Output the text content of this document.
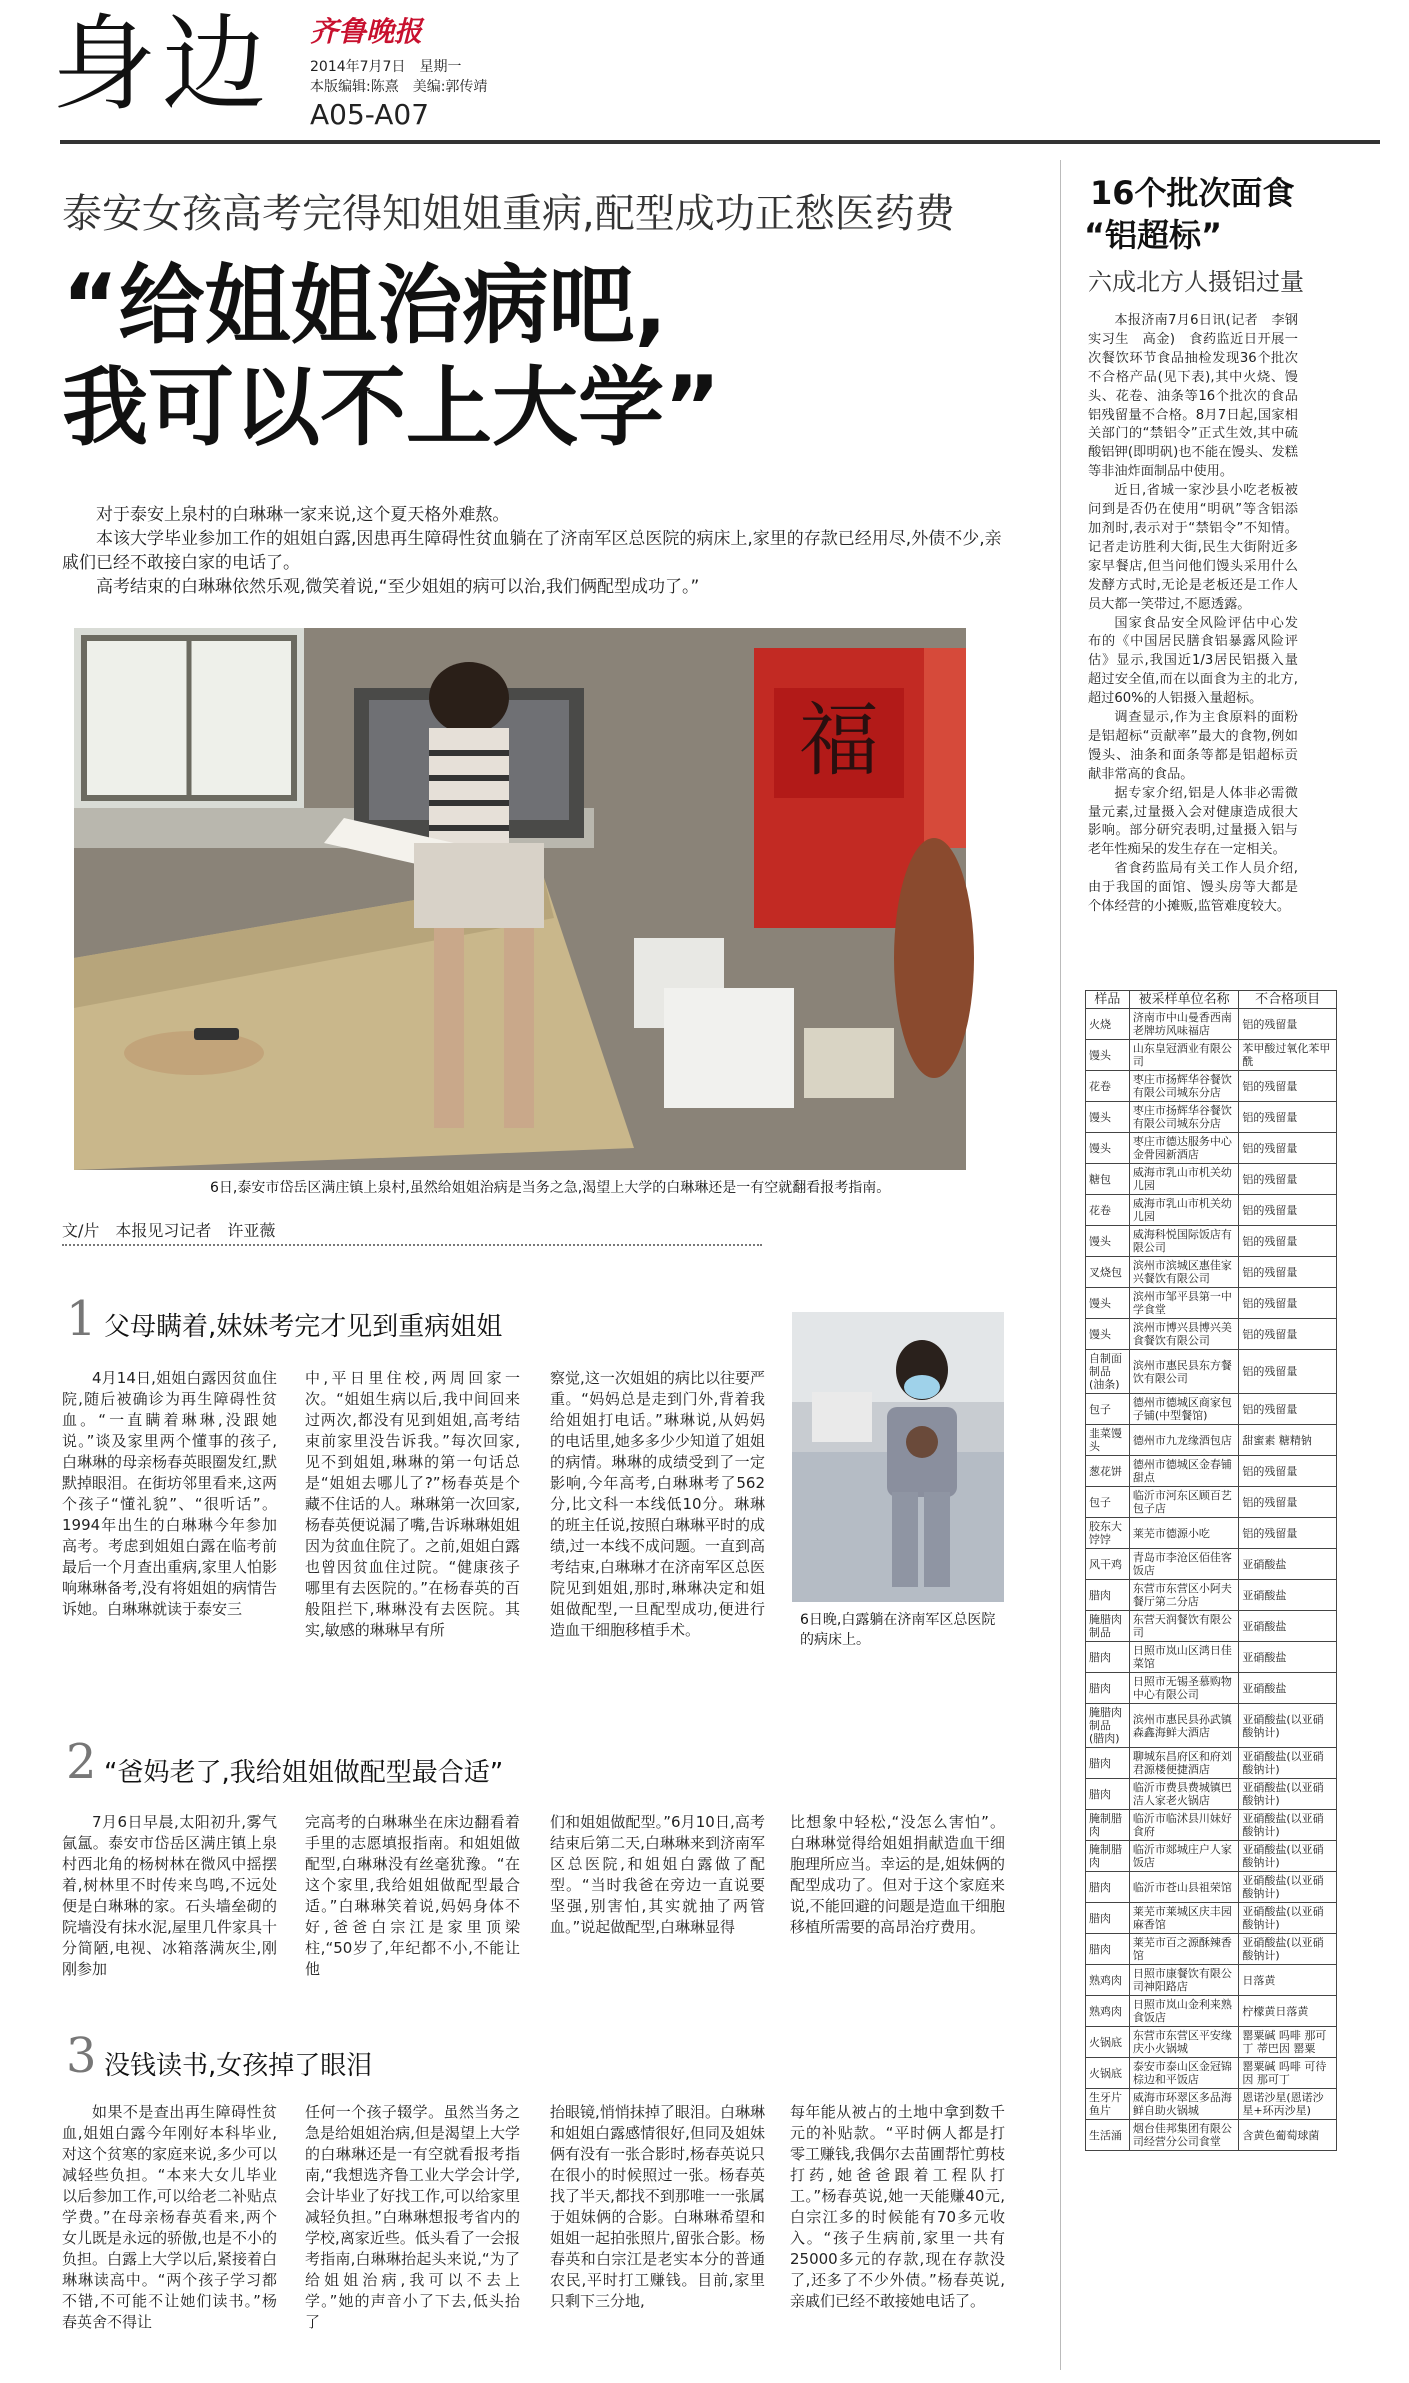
身边 齐鲁晚报
2014年7月7日　星期一
本版编辑:陈熹　美编:郭传靖
A05-A07
泰安女孩高考完得知姐姐重病,配型成功正愁医药费
“给姐姐治病吧,
我可以不上大学”

对于泰安上泉村的白琳琳一家来说,这个夏天格外难熬。

本该大学毕业参加工作的姐姐白露,因患再生障碍性贫血躺在了济南军区总医院的病床上,家里的存款已经用尽,外债不少,亲戚们已经不敢接白家的电话了。

高考结束的白琳琳依然乐观,微笑着说,“至少姐姐的病可以治,我们俩配型成功了。”

福
6日,泰安市岱岳区满庄镇上泉村,虽然给姐姐治病是当务之急,渴望上大学的白琳琳还是一有空就翻看报考指南。
文/片　本报见习记者　许亚薇
1 父母瞒着,妹妹考完才见到重病姐姐
4月14日,姐姐白露因贫血住院,随后被确诊为再生障碍性贫血。“一直瞒着琳琳,没跟她说。”谈及家里两个懂事的孩子,白琳琳的母亲杨春英眼圈发红,默默掉眼泪。在街坊邻里看来,这两个孩子“懂礼貌”、“很听话”。1994年出生的白琳琳今年参加高考。考虑到姐姐白露在临考前最后一个月查出重病,家里人怕影响琳琳备考,没有将姐姐的病情告诉她。白琳琳就读于泰安三
中,平日里住校,两周回家一次。“姐姐生病以后,我中间回来过两次,都没有见到姐姐,高考结束前家里没告诉我。”每次回家,见不到姐姐,琳琳的第一句话总是“姐姐去哪儿了?”杨春英是个藏不住话的人。琳琳第一次回家,杨春英便说漏了嘴,告诉琳琳姐姐因为贫血住院了。之前,姐姐白露也曾因贫血住过院。“健康孩子哪里有去医院的。”在杨春英的百般阻拦下,琳琳没有去医院。其实,敏感的琳琳早有所
察觉,这一次姐姐的病比以往要严重。“妈妈总是走到门外,背着我给姐姐打电话。”琳琳说,从妈妈的电话里,她多多少少知道了姐姐的病情。琳琳的成绩受到了一定影响,今年高考,白琳琳考了562分,比文科一本线低10分。琳琳的班主任说,按照白琳琳平时的成绩,过一本线不成问题。一直到高考结束,白琳琳才在济南军区总医院见到姐姐,那时,琳琳决定和姐姐做配型,一旦配型成功,便进行造血干细胞移植手术。
6日晚,白露躺在济南军区总医院的病床上。
2 “爸妈老了,我给姐姐做配型最合适”
7月6日早晨,太阳初升,雾气氤氲。泰安市岱岳区满庄镇上泉村西北角的杨树林在微风中摇摆着,树林里不时传来鸟鸣,不远处便是白琳琳的家。石头墙垒砌的院墙没有抹水泥,屋里几件家具十分简陋,电视、冰箱落满灰尘,刚刚参加
完高考的白琳琳坐在床边翻看着手里的志愿填报指南。和姐姐做配型,白琳琳没有丝毫犹豫。“在这个家里,我给姐姐做配型最合适。”白琳琳笑着说,妈妈身体不好,爸爸白宗江是家里顶梁柱,“50岁了,年纪都不小,不能让他
们和姐姐做配型。”6月10日,高考结束后第二天,白琳琳来到济南军区总医院,和姐姐白露做了配型。“当时我爸在旁边一直说要坚强,别害怕,其实就抽了两管血。”说起做配型,白琳琳显得
比想象中轻松,“没怎么害怕”。白琳琳觉得给姐姐捐献造血干细胞理所应当。幸运的是,姐妹俩的配型成功了。但对于这个家庭来说,不能回避的问题是造血干细胞移植所需要的高昂治疗费用。
3 没钱读书,女孩掉了眼泪
如果不是查出再生障碍性贫血,姐姐白露今年刚好本科毕业,对这个贫寒的家庭来说,多少可以减轻些负担。“本来大女儿毕业以后参加工作,可以给老二补贴点学费。”在母亲杨春英看来,两个女儿既是永远的骄傲,也是不小的负担。白露上大学以后,紧接着白琳琳读高中。“两个孩子学习都不错,不可能不让她们读书。”杨春英舍不得让
任何一个孩子辍学。虽然当务之急是给姐姐治病,但是渴望上大学的白琳琳还是一有空就看报考指南,“我想选齐鲁工业大学会计学,会计毕业了好找工作,可以给家里减轻负担。”白琳琳想报考省内的学校,离家近些。低头看了一会报考指南,白琳琳抬起头来说,“为了给姐姐治病,我可以不去上学。”她的声音小了下去,低头抬了
抬眼镜,悄悄抹掉了眼泪。白琳琳和姐姐白露感情很好,但同及姐妹俩有没有一张合影时,杨春英说只在很小的时候照过一张。杨春英找了半天,都找不到那唯一一张属于姐妹俩的合影。白琳琳希望和姐姐一起拍张照片,留张合影。杨春英和白宗江是老实本分的普通农民,平时打工赚钱。目前,家里只剩下三分地,
每年能从被占的土地中拿到数千元的补贴款。“平时俩人都是打零工赚钱,我偶尔去苗圃帮忙剪枝打药,她爸爸跟着工程队打工。”杨春英说,她一天能赚40元,白宗江多的时候能有70多元收入。“孩子生病前,家里一共有25000多元的存款,现在存款没了,还多了不少外债。”杨春英说,亲戚们已经不敢接她电话了。
16个批次面食
“铝超标”
六成北方人摄铝过量

本报济南7月6日讯(记者　李钢　实习生　高金)　食药监近日开展一次餐饮环节食品抽检发现36个批次不合格产品(见下表),其中火烧、馒头、花卷、油条等16个批次的食品铝残留量不合格。8月7日起,国家相关部门的“禁铝令”正式生效,其中硫酸铝钾(即明矾)也不能在馒头、发糕等非油炸面制品中使用。

近日,省城一家沙县小吃老板被问到是否仍在使用“明矾”等含铝添加剂时,表示对于“禁铝令”不知情。记者走访胜利大街,民生大街附近多家早餐店,但当问他们馒头采用什么发酵方式时,无论是老板还是工作人员大都一笑带过,不愿透露。

国家食品安全风险评估中心发布的《中国居民膳食铝暴露风险评估》显示,我国近1/3居民铝摄入量超过安全值,而在以面食为主的北方,超过60%的人铝摄入量超标。

调查显示,作为主食原料的面粉是铝超标“贡献率”最大的食物,例如馒头、油条和面条等都是铝超标贡献非常高的食品。

据专家介绍,铝是人体非必需微量元素,过量摄入会对健康造成很大影响。部分研究表明,过量摄入铝与老年性痴呆的发生存在一定相关。

省食药监局有关工作人员介绍,由于我国的面馆、馒头房等大都是个体经营的小摊贩,监管难度较大。

样品	被采样单位名称	不合格项目
火烧	济南市中山曼香西南老牌坊风味福店	铝的残留量
馒头	山东皇冠酒业有限公司	苯甲酸过氧化苯甲酰
花卷	枣庄市扬辉华谷餐饮有限公司城东分店	铝的残留量
馒头	枣庄市扬辉华谷餐饮有限公司城东分店	铝的残留量
馒头	枣庄市德达服务中心金骨园新酒店	铝的残留量
糖包	威海市乳山市机关幼儿园	铝的残留量
花卷	威海市乳山市机关幼儿园	铝的残留量
馒头	威海科悦国际饭店有限公司	铝的残留量
叉烧包	滨州市滨城区惠佳家兴餐饮有限公司	铝的残留量
馒头	滨州市邹平县第一中学食堂	铝的残留量
馒头	滨州市博兴县博兴美食餐饮有限公司	铝的残留量
自制面制品(油条)	滨州市惠民县东方餐饮有限公司	铝的残留量
包子	德州市德城区商家包子铺(中型餐馆)	铝的残留量
韭菜馒头	德州市九龙缘酒包店	甜蜜素 糖精钠
葱花饼	德州市德城区金春铺甜点	铝的残留量
包子	临沂市河东区顾百艺包子店	铝的残留量
胶东大饽饽	莱芜市德源小吃	铝的残留量
风干鸡	青岛市李沧区佰佳客饭店	亚硝酸盐
腊肉	东营市东营区小阿夫餐厅第二分店	亚硝酸盐
腌腊肉制品	东营天润餐饮有限公司	亚硝酸盐
腊肉	日照市岚山区鸿日佳菜馆	亚硝酸盐
腊肉	日照市无锡圣慕购物中心有限公司	亚硝酸盐
腌腊肉制品(腊肉)	滨州市惠民县孙武镇森鑫海鲜大酒店	亚硝酸盐(以亚硝酸钠计)
腊肉	聊城东昌府区和府刘君源楼便捷酒店	亚硝酸盐(以亚硝酸钠计)
腊肉	临沂市费县费城镇巴洁人家老火锅店	亚硝酸盐(以亚硝酸钠计)
腌制腊肉	临沂市临沭县川妹好食府	亚硝酸盐(以亚硝酸钠计)
腌制腊肉	临沂市郯城庄户人家饭店	亚硝酸盐(以亚硝酸钠计)
腊肉	临沂市苍山县祖荣馆	亚硝酸盐(以亚硝酸钠计)
腊肉	莱芜市莱城区庆丰园麻香馆	亚硝酸盐(以亚硝酸钠计)
腊肉	莱芜市百之源酥辣香馆	亚硝酸盐(以亚硝酸钠计)
熟鸡肉	日照市康餐饮有限公司神阳路店	日落黄
熟鸡肉	日照市岚山金利来熟食饭店	柠檬黄日落黄
火锅底	东营市东营区平安缘庆小火锅城	罂粟碱 吗啡 那可丁 蒂巴因 罂粟
火锅底	泰安市泰山区金冠锦棕边和平饭店	罂粟碱 吗啡 可待因 那可丁
生牙片 鱼片	威海市环翠区多品海鲜自助火锅城	恩诺沙星(恩诺沙星+环丙沙星)
生活涌	烟台佳邦集团有限公司经营分公司食堂	含黄色葡萄球菌
